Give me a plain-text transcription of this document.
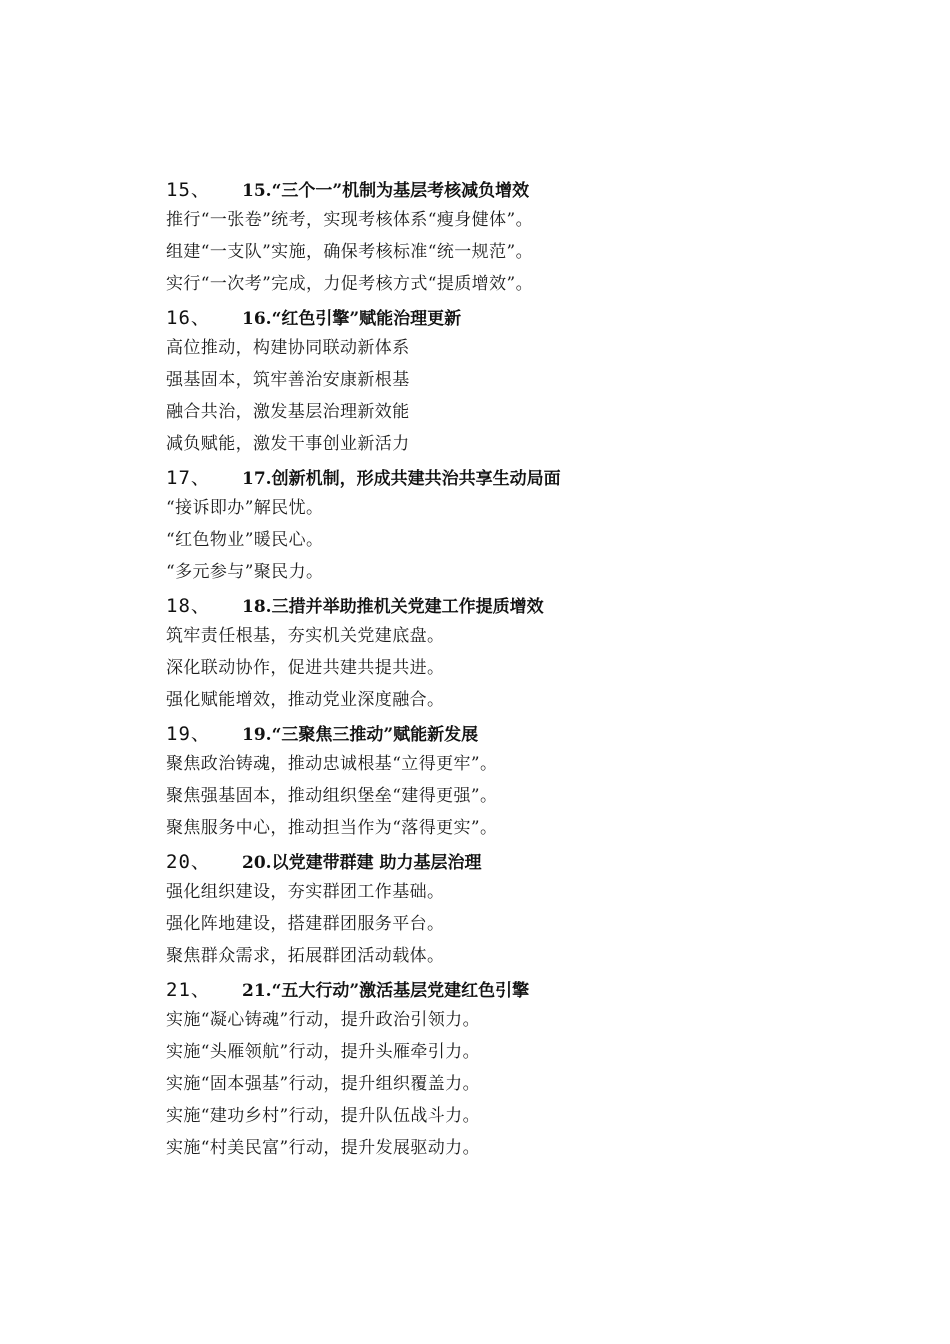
15、	15.“三个一”机制为基层考核减负增效
推行“一张卷”统考，实现考核体系“瘦身健体”。
组建“一支队”实施，确保考核标准“统一规范”。
实行“一次考”完成，力促考核方式“提质增效”。
16、	16.“红色引擎”赋能治理更新
高位推动，构建协同联动新体系
强基固本，筑牢善治安康新根基
融合共治，激发基层治理新效能
减负赋能，激发干事创业新活力
17、	17.创新机制，形成共建共治共享生动局面
“接诉即办”解民忧。
“红色物业”暖民心。
“多元参与”聚民力。
18、	18.三措并举助推机关党建工作提质增效
筑牢责任根基，夯实机关党建底盘。
深化联动协作，促进共建共提共进。
强化赋能增效，推动党业深度融合。
19、	19.“三聚焦三推动”赋能新发展
聚焦政治铸魂，推动忠诚根基“立得更牢”。
聚焦强基固本，推动组织堡垒“建得更强”。
聚焦服务中心，推动担当作为“落得更实”。
20、	20.以党建带群建 助力基层治理
强化组织建设，夯实群团工作基础。
强化阵地建设，搭建群团服务平台。
聚焦群众需求，拓展群团活动载体。
21、	21.“五大行动”激活基层党建红色引擎
实施“凝心铸魂”行动，提升政治引领力。
实施“头雁领航”行动，提升头雁牵引力。
实施“固本强基”行动，提升组织覆盖力。
实施“建功乡村”行动，提升队伍战斗力。
实施“村美民富”行动，提升发展驱动力。
